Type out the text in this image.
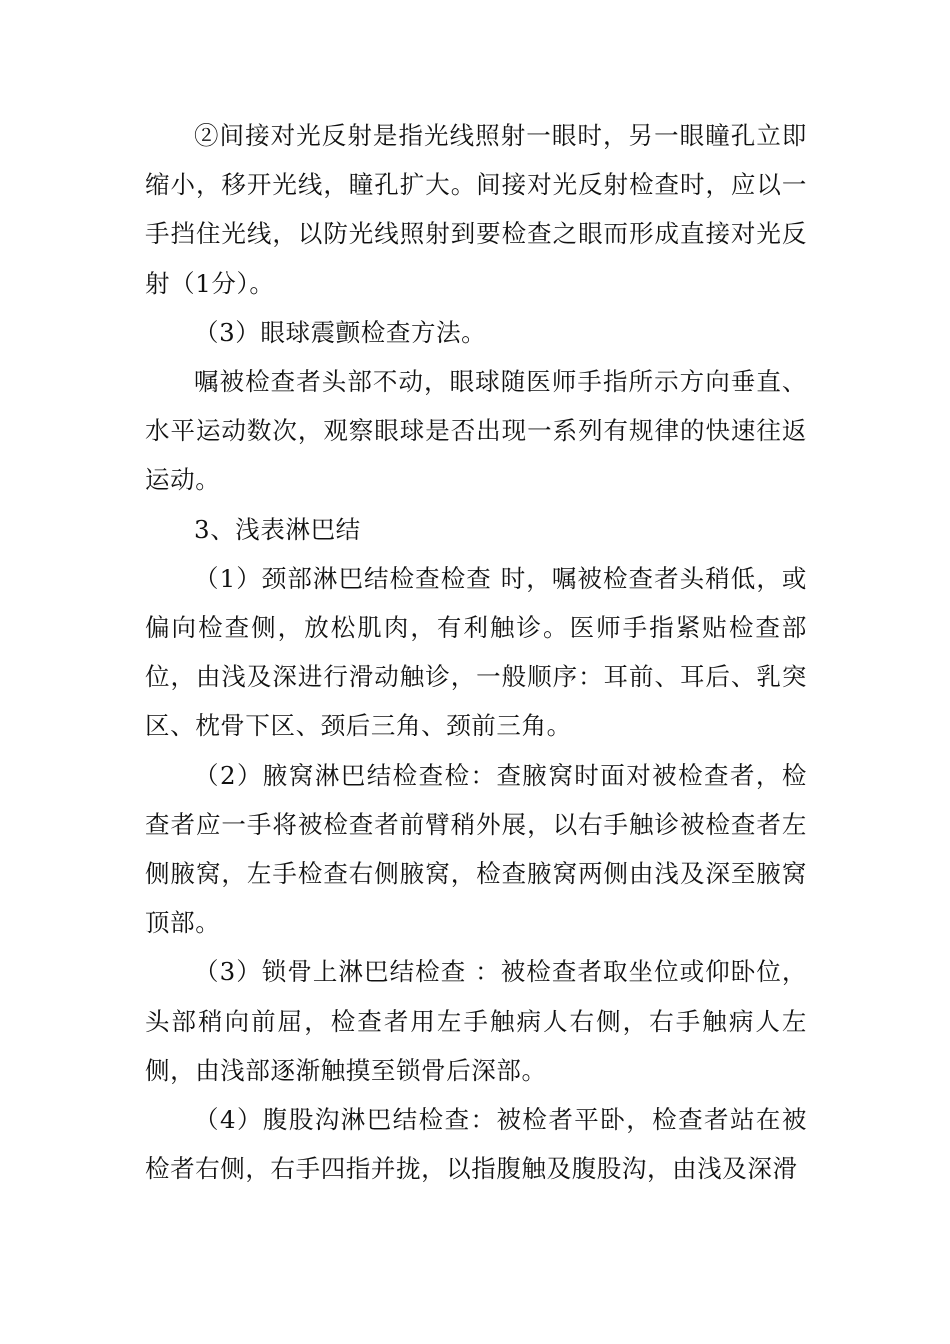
②间接对光反射是指光线照射一眼时，另一眼瞳孔立即缩小，移开光线，瞳孔扩大。间接对光反射检查时，应以一手挡住光线，以防光线照射到要检查之眼而形成直接对光反射（1分）。

（3）眼球震颤检查方法。

嘱被检查者头部不动，眼球随医师手指所示方向垂直、水平运动数次，观察眼球是否出现一系列有规律的快速往返运动。

3、浅表淋巴结

（1）颈部淋巴结检查检查 时，嘱被检查者头稍低，或偏向检查侧，放松肌肉，有利触诊。医师手指紧贴检查部位，由浅及深进行滑动触诊，一般顺序：耳前、耳后、乳突区、枕骨下区、颈后三角、颈前三角。

（2）腋窝淋巴结检查检：查腋窝时面对被检查者，检查者应一手将被检查者前臂稍外展，以右手触诊被检查者左侧腋窝，左手检查右侧腋窝，检查腋窝两侧由浅及深至腋窝顶部。

（3）锁骨上淋巴结检查 ：被检查者取坐位或仰卧位，头部稍向前屈，检查者用左手触病人右侧，右手触病人左侧，由浅部逐渐触摸至锁骨后深部。

（4）腹股沟淋巴结检查：被检者平卧，检查者站在被检者右侧，右手四指并拢，以指腹触及腹股沟，由浅及深滑
